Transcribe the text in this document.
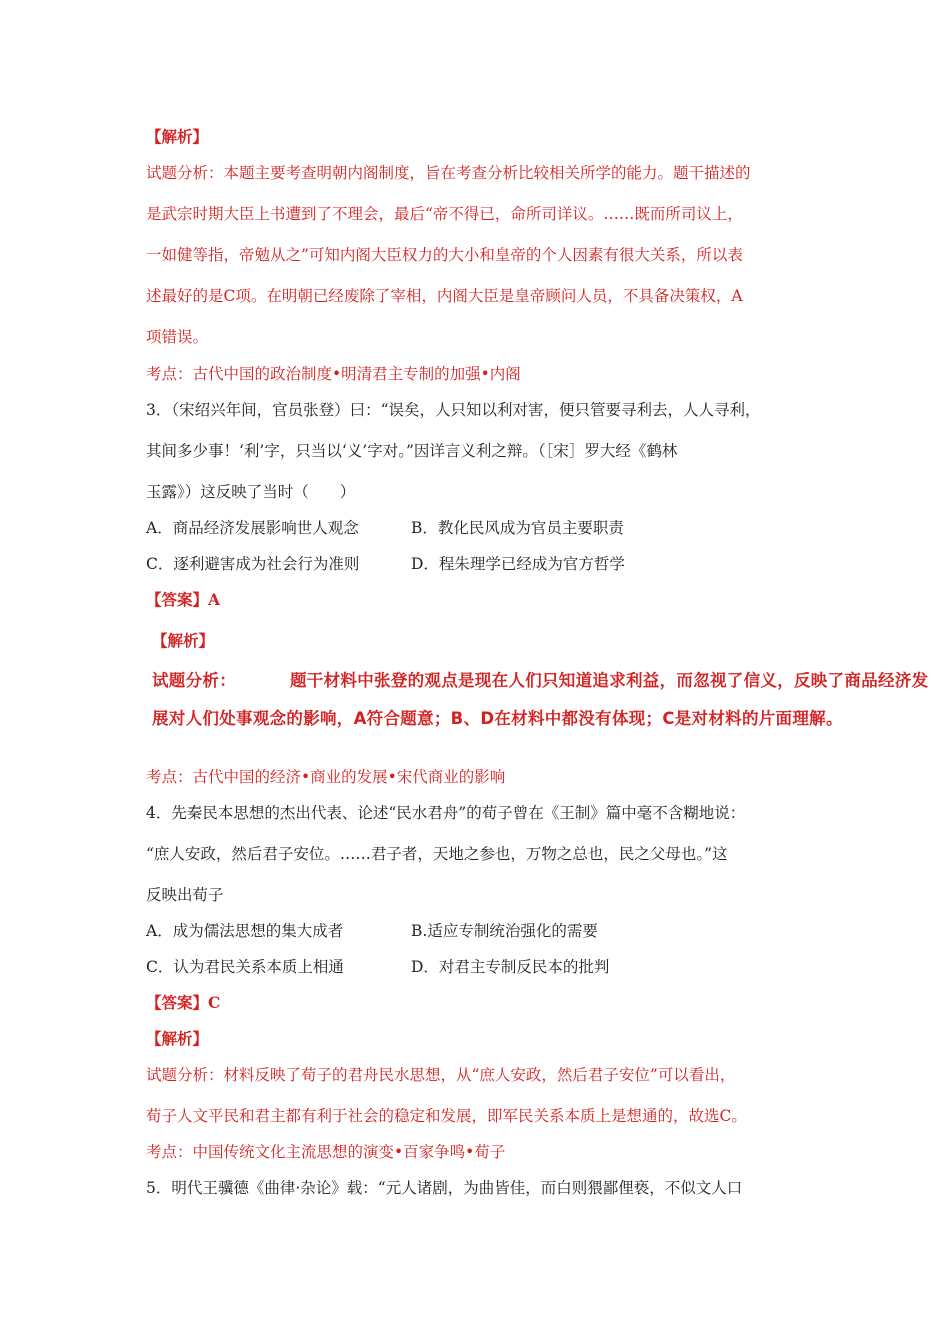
【解析】
试题分析：本题主要考查明朝内阁制度，旨在考查分析比较相关所学的能力。题干描述的
是武宗时期大臣上书遭到了不理会，最后“帝不得已，命所司详议。……既而所司议上，
一如健等指，帝勉从之”可知内阁大臣权力的大小和皇帝的个人因素有很大关系，所以表
述最好的是C项。在明朝已经废除了宰相，内阁大臣是皇帝顾问人员，不具备决策权，A
项错误。
考点：古代中国的政治制度•明清君主专制的加强•内阁
3．（宋绍兴年间，官员张登）曰：“误矣，人只知以利对害，便只管要寻利去，人人寻利，
其间多少事！‘利’字，只当以‘义’字对。”因详言义利之辩。（［宋］罗大经《鹤林
玉露》）这反映了当时（　　）
A．商品经济发展影响世人观念	B．教化民风成为官员主要职责
C．逐利避害成为社会行为准则	D．程朱理学已经成为官方哲学
【答案】A
【解析】
试题分析：	题干材料中张登的观点是现在人们只知道追求利益，而忽视了信义，反映了商品经济发
展对人们处事观念的影响，A符合题意；B、D在材料中都没有体现；C是对材料的片面理解。
考点：古代中国的经济•商业的发展•宋代商业的影响
4．先秦民本思想的杰出代表、论述“民水君舟”的荀子曾在《王制》篇中毫不含糊地说：
“庶人安政，然后君子安位。……君子者，天地之参也，万物之总也，民之父母也。”这
反映出荀子
A．成为儒法思想的集大成者	B.适应专制统治强化的需要
C．认为君民关系本质上相通	D．对君主专制反民本的批判
【答案】C
【解析】
试题分析：材料反映了荀子的君舟民水思想，从“庶人安政，然后君子安位”可以看出，
荀子人文平民和君主都有利于社会的稳定和发展，即军民关系本质上是想通的，故选C。
考点：中国传统文化主流思想的演变•百家争鸣•荀子
5．明代王骥德《曲律·杂论》载：“元人诸剧，为曲皆佳，而白则猥鄙俚亵，不似文人口
